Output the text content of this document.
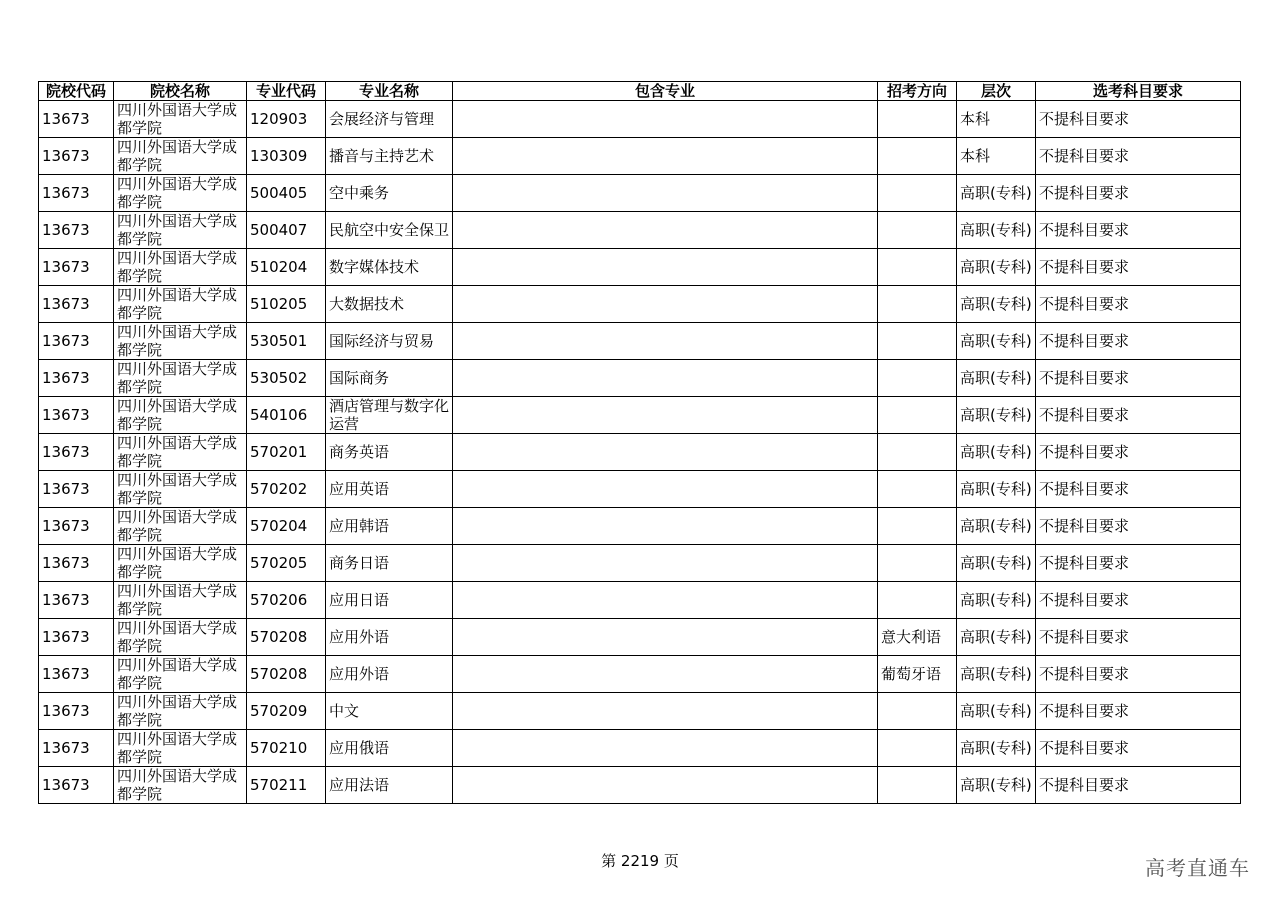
院校代码	院校名称	专业代码	专业名称	包含专业	招考方向	层次	选考科目要求
13673	四川外国语大学成都学院	120903	会展经济与管理			本科	不提科目要求
13673	四川外国语大学成都学院	130309	播音与主持艺术			本科	不提科目要求
13673	四川外国语大学成都学院	500405	空中乘务			高职(专科)	不提科目要求
13673	四川外国语大学成都学院	500407	民航空中安全保卫			高职(专科)	不提科目要求
13673	四川外国语大学成都学院	510204	数字媒体技术			高职(专科)	不提科目要求
13673	四川外国语大学成都学院	510205	大数据技术			高职(专科)	不提科目要求
13673	四川外国语大学成都学院	530501	国际经济与贸易			高职(专科)	不提科目要求
13673	四川外国语大学成都学院	530502	国际商务			高职(专科)	不提科目要求
13673	四川外国语大学成都学院	540106	酒店管理与数字化运营			高职(专科)	不提科目要求
13673	四川外国语大学成都学院	570201	商务英语			高职(专科)	不提科目要求
13673	四川外国语大学成都学院	570202	应用英语			高职(专科)	不提科目要求
13673	四川外国语大学成都学院	570204	应用韩语			高职(专科)	不提科目要求
13673	四川外国语大学成都学院	570205	商务日语			高职(专科)	不提科目要求
13673	四川外国语大学成都学院	570206	应用日语			高职(专科)	不提科目要求
13673	四川外国语大学成都学院	570208	应用外语		意大利语	高职(专科)	不提科目要求
13673	四川外国语大学成都学院	570208	应用外语		葡萄牙语	高职(专科)	不提科目要求
13673	四川外国语大学成都学院	570209	中文			高职(专科)	不提科目要求
13673	四川外国语大学成都学院	570210	应用俄语			高职(专科)	不提科目要求
13673	四川外国语大学成都学院	570211	应用法语			高职(专科)	不提科目要求
第 2219 页	高考直通车
